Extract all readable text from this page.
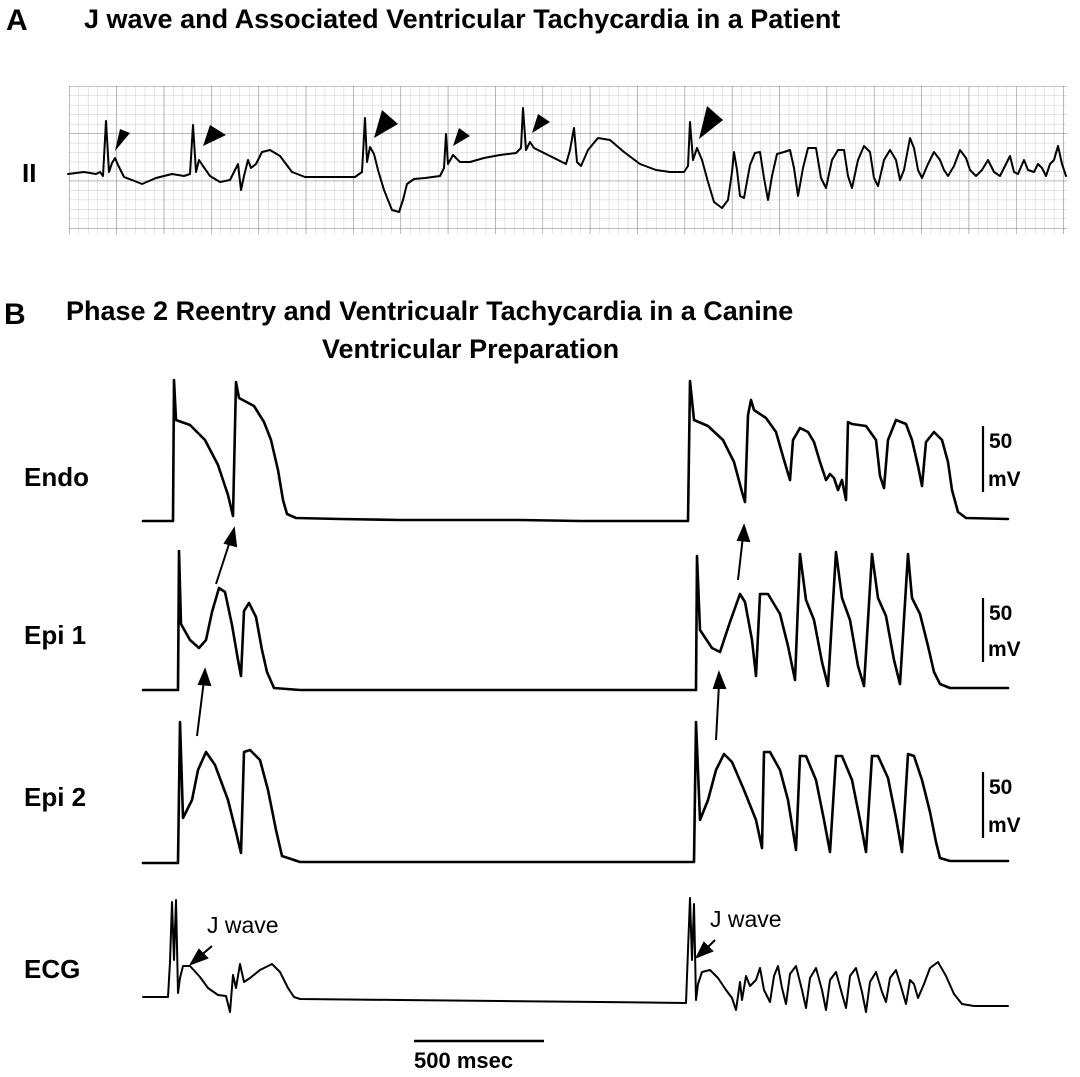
A J wave and Associated Ventricular Tachycardia in a Patient
II
B Phase 2 Reentry and Ventricualr Tachycardia in a Canine
Ventricular Preparation
Endo
Epi 1
Epi 2
ECG
50
mV
50
mV
50
mV
J wave	J wave
500 msec
